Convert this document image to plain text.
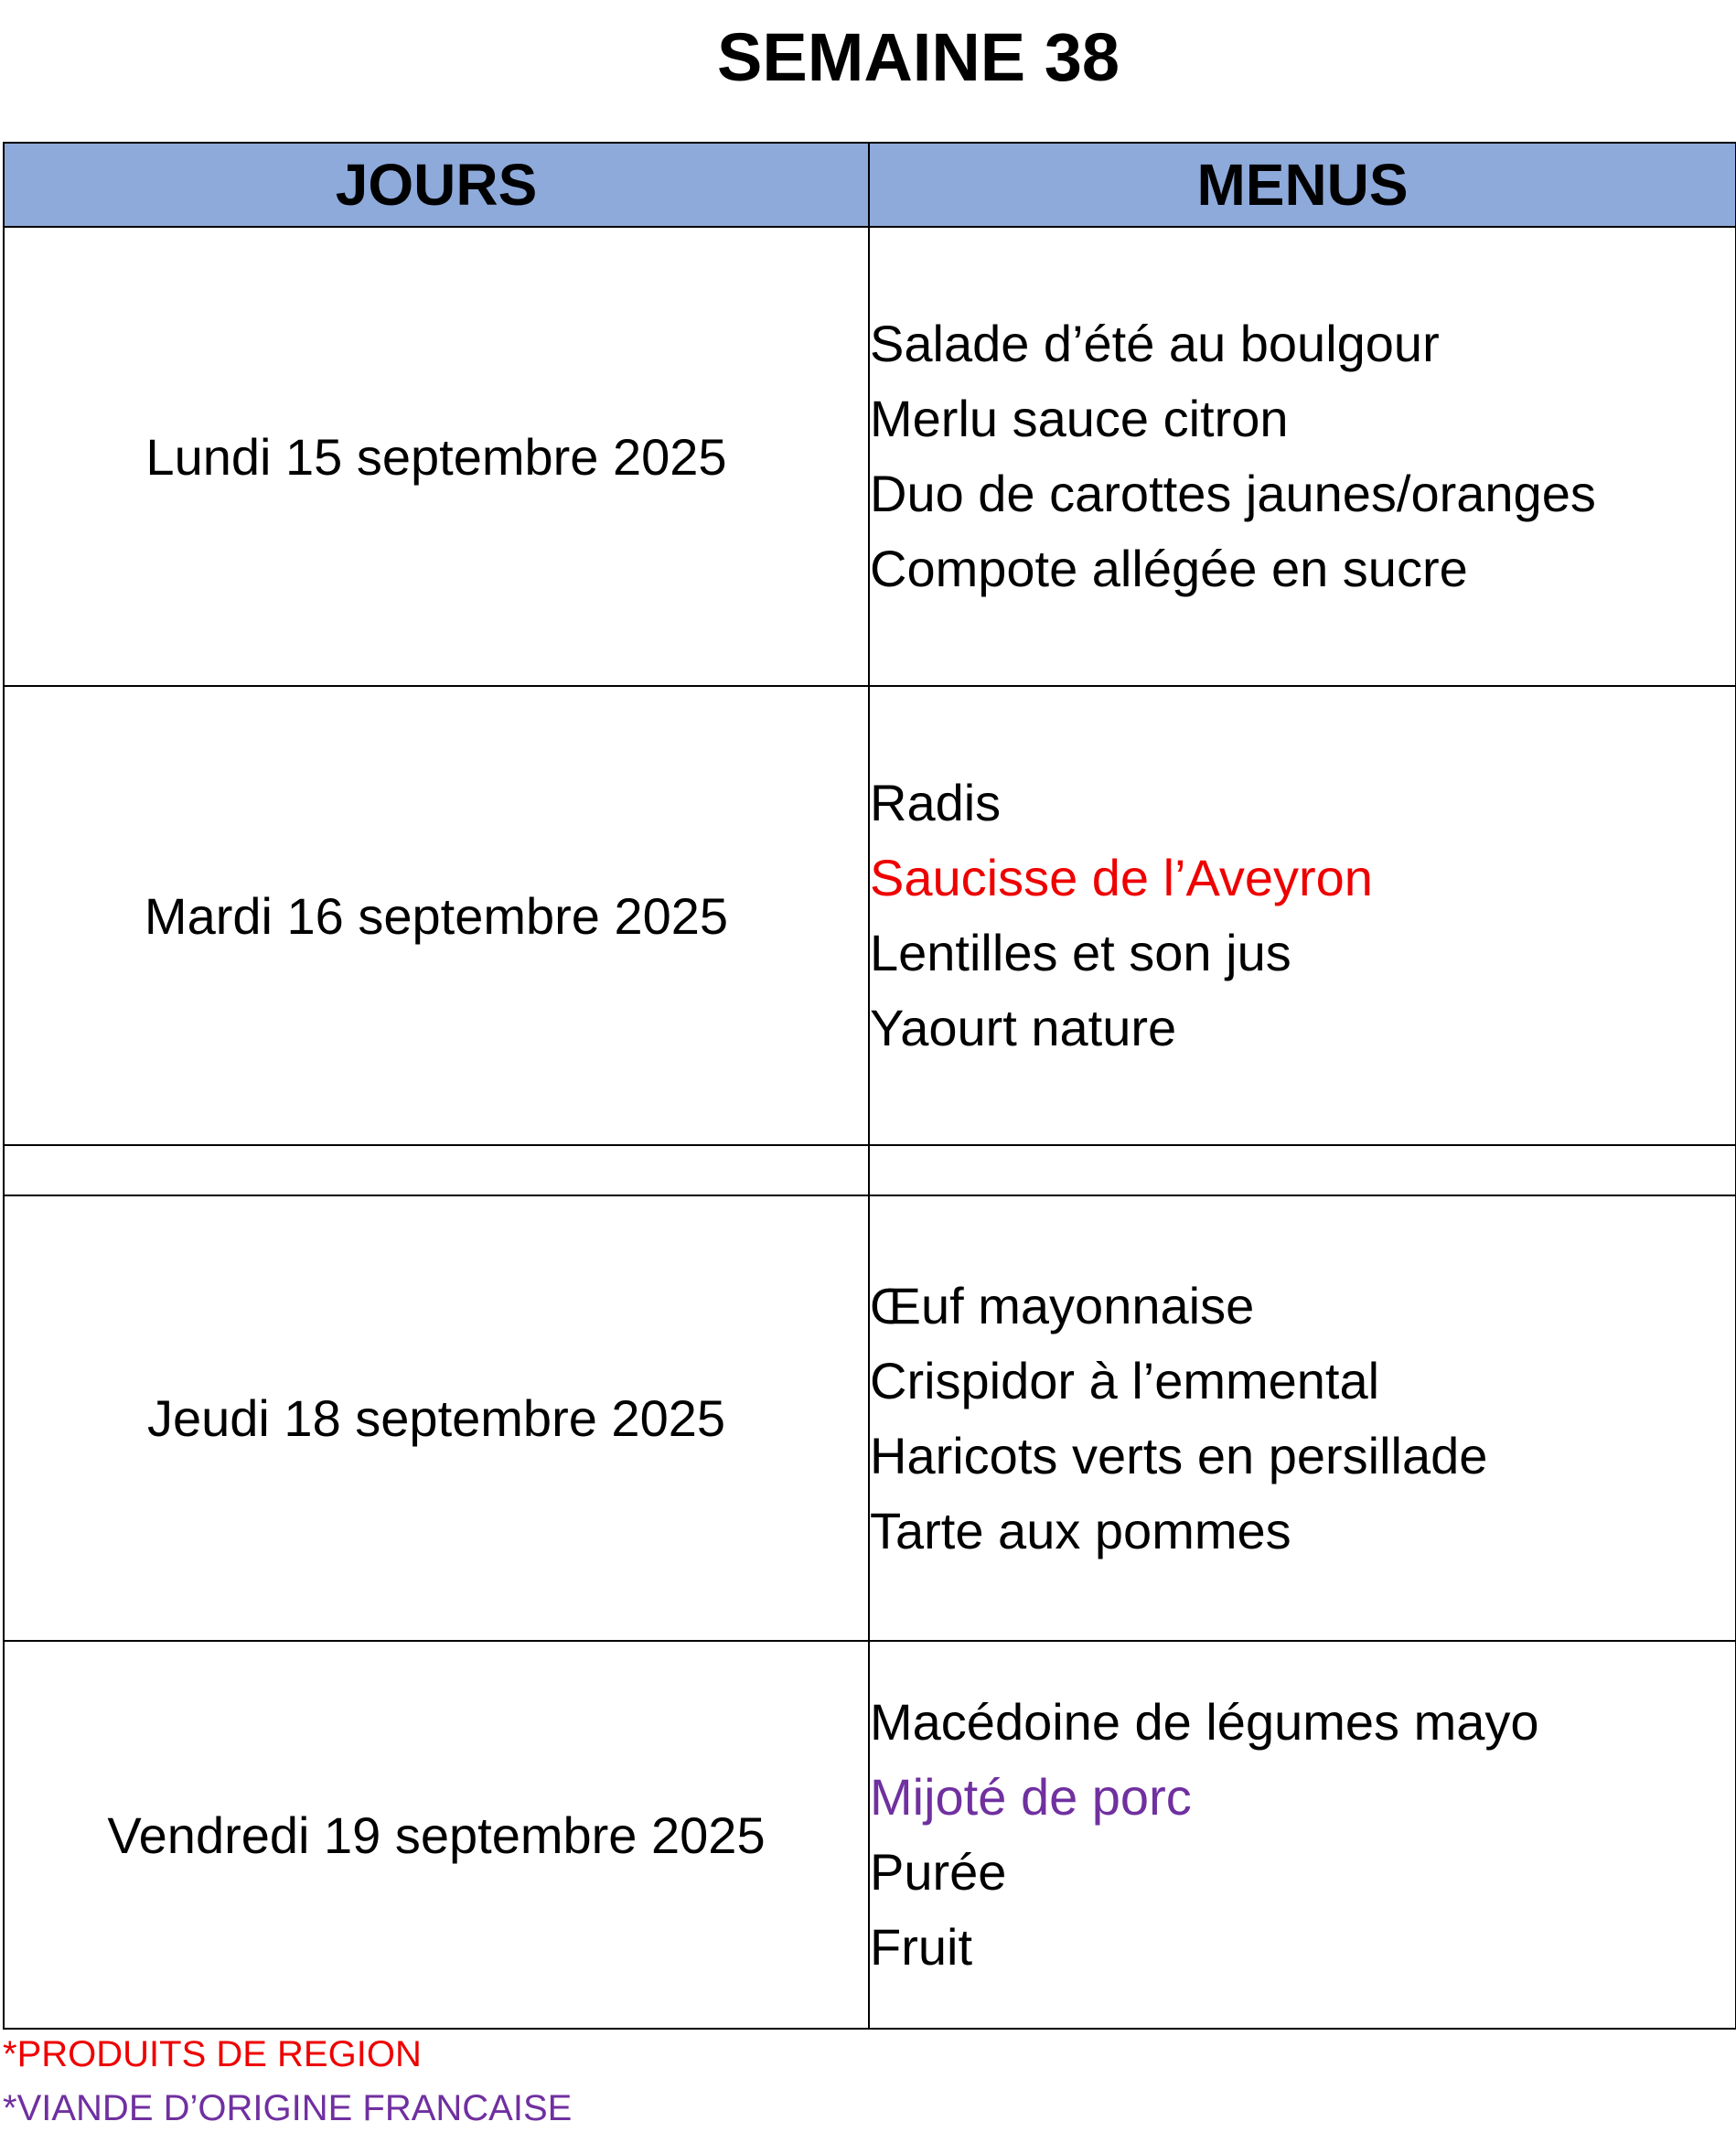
SEMAINE 38
JOURS	MENUS
Lundi 15 septembre 2025	Salade d’été au boulgour
Merlu sauce citron
Duo de carottes jaunes/oranges
Compote allégée en sucre

Mardi 16 septembre 2025	Radis
Saucisse de l’Aveyron
Lentilles et son jus
Yaourt nature

Jeudi 18 septembre 2025	Œuf mayonnaise
Crispidor à l’emmental
Haricots verts en persillade
Tarte aux pommes

Vendredi 19 septembre 2025	Macédoine de légumes mayo
Mijoté de porc
Purée
Fruit
*PRODUITS DE REGION
*VIANDE D’ORIGINE FRANCAISE
